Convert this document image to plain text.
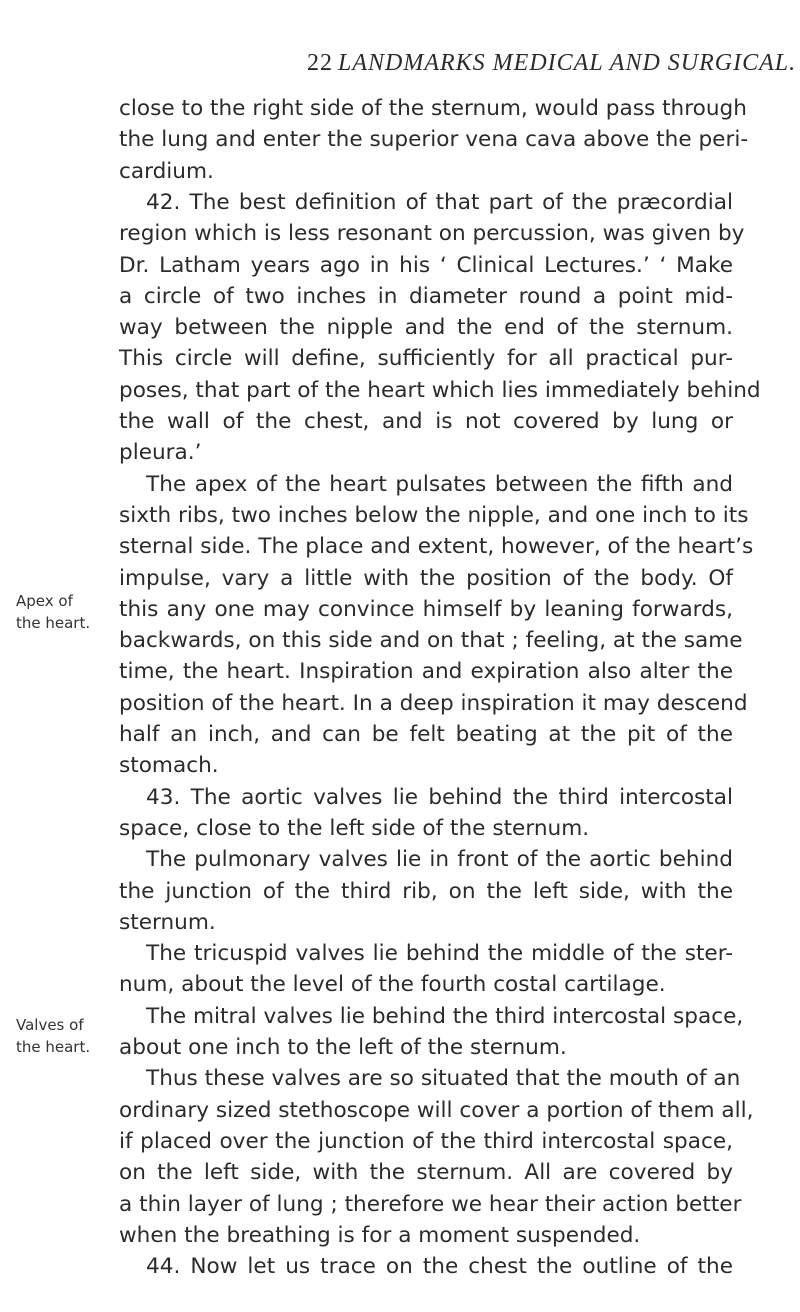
22 LANDMARKS MEDICAL AND SURGICAL.
Apex of
the heart.
Valves of
the heart.
close to the right side of the sternum, would pass through
the lung and enter the superior vena cava above the peri-
cardium.
42. The best definition of that part of the præcordial
region which is less resonant on percussion, was given by
Dr. Latham years ago in his ‘ Clinical Lectures.’ ‘ Make
a circle of two inches in diameter round a point mid-
way between the nipple and the end of the sternum.
This circle will define, sufficiently for all practical pur-
poses, that part of the heart which lies immediately behind
the wall of the chest, and is not covered by lung or
pleura.’
The apex of the heart pulsates between the fifth and
sixth ribs, two inches below the nipple, and one inch to its
sternal side. The place and extent, however, of the heart’s
impulse, vary a little with the position of the body. Of
this any one may convince himself by leaning forwards,
backwards, on this side and on that ; feeling, at the same
time, the heart. Inspiration and expiration also alter the
position of the heart. In a deep inspiration it may descend
half an inch, and can be felt beating at the pit of the
stomach.
43. The aortic valves lie behind the third intercostal
space, close to the left side of the sternum.
The pulmonary valves lie in front of the aortic behind
the junction of the third rib, on the left side, with the
sternum.
The tricuspid valves lie behind the middle of the ster-
num, about the level of the fourth costal cartilage.
The mitral valves lie behind the third intercostal space,
about one inch to the left of the sternum.
Thus these valves are so situated that the mouth of an
ordinary sized stethoscope will cover a portion of them all,
if placed over the junction of the third intercostal space,
on the left side, with the sternum. All are covered by
a thin layer of lung ; therefore we hear their action better
when the breathing is for a moment suspended.
44. Now let us trace on the chest the outline of the
